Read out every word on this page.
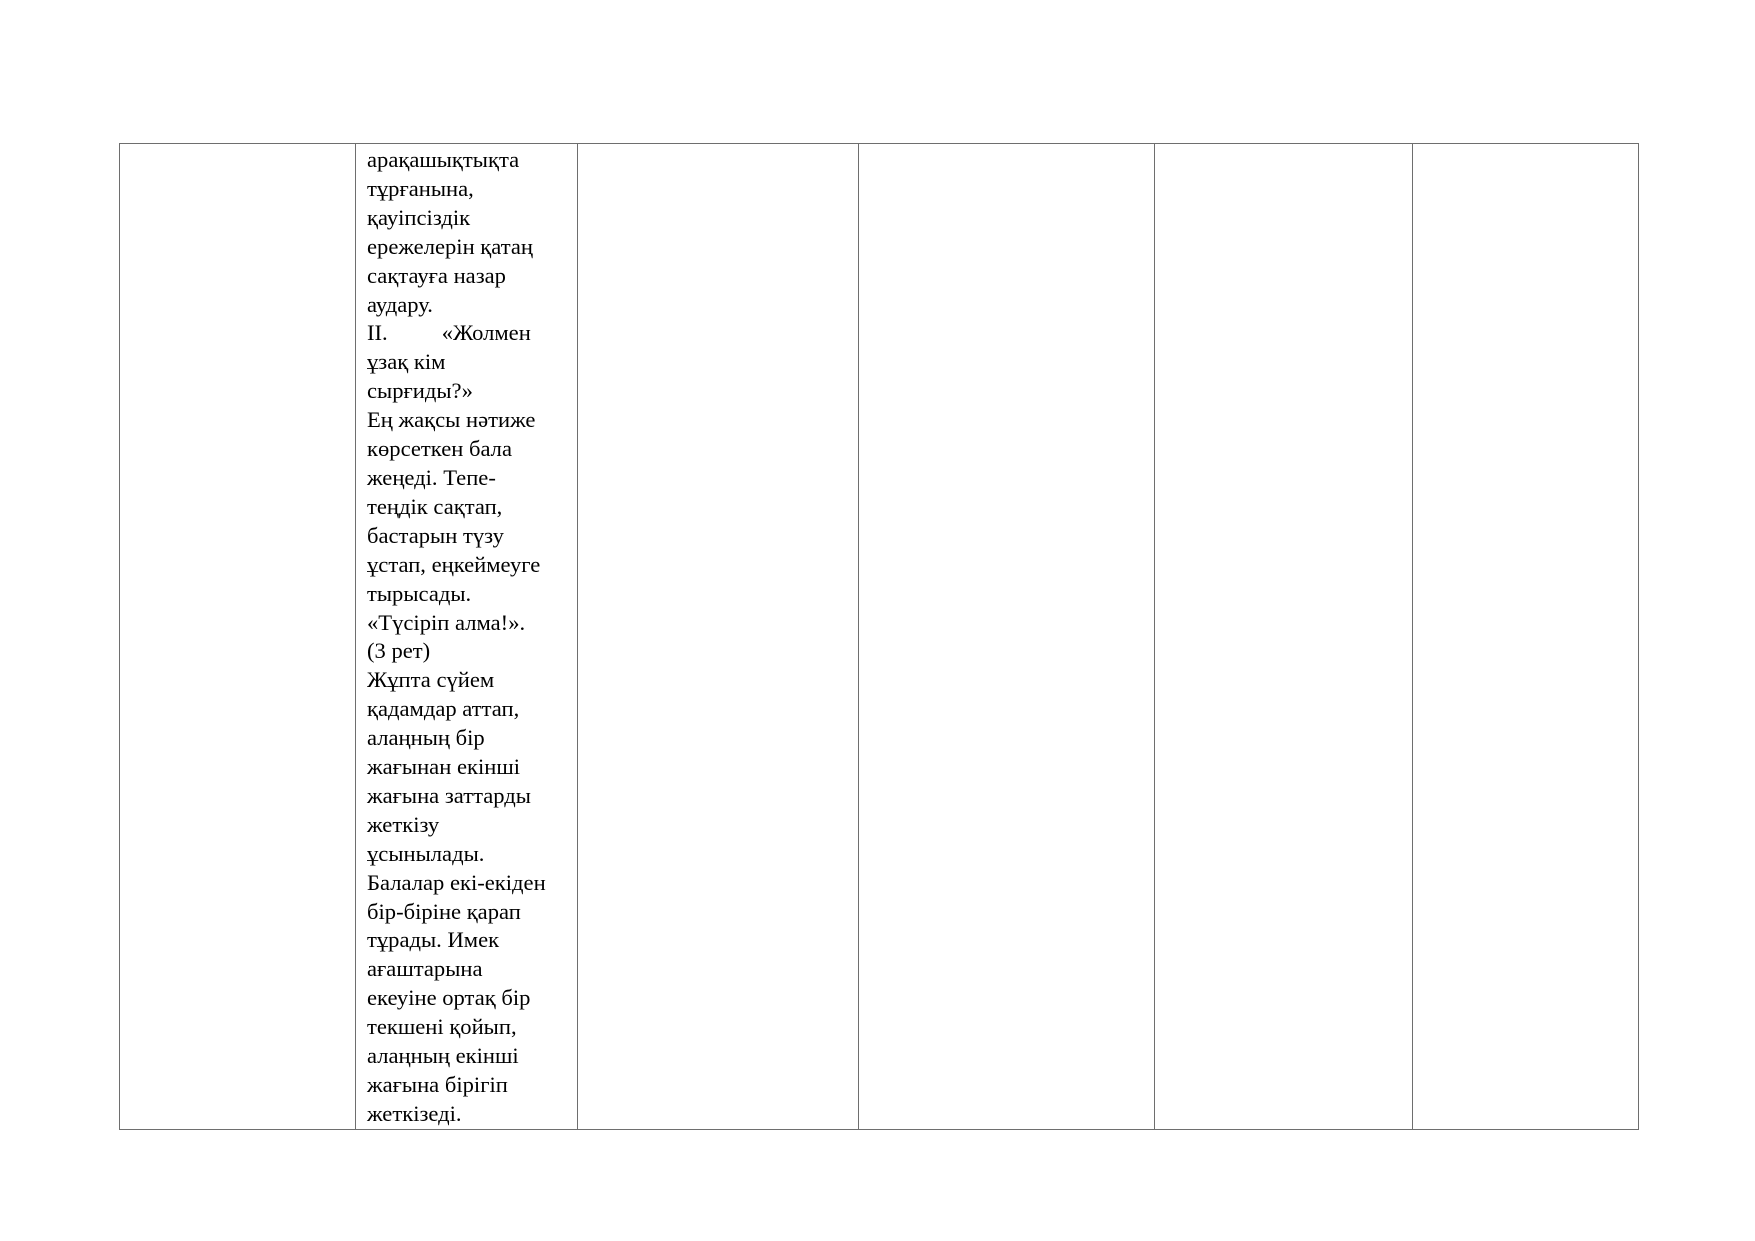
арақашықтықта
тұрғанына,
қауіпсіздік
ережелерін қатаң
сақтауға назар
аудару.
ІІ. «Жолмен
ұзақ кім
сырғиды?»
Ең жақсы нәтиже
көрсеткен бала
жеңеді. Тепе-
теңдік сақтап,
бастарын түзу
ұстап, еңкеймеуге
тырысады.
«Түсіріп алма!».
(3 рет)
Жұпта сүйем
қадамдар аттап,
алаңның бір
жағынан екінші
жағына заттарды
жеткізу
ұсынылады.
Балалар екі-екіден
бір-біріне қарап
тұрады. Имек
ағаштарына
екеуіне ортақ бір
текшені қойып,
алаңның екінші
жағына бірігіп
жеткізеді.
